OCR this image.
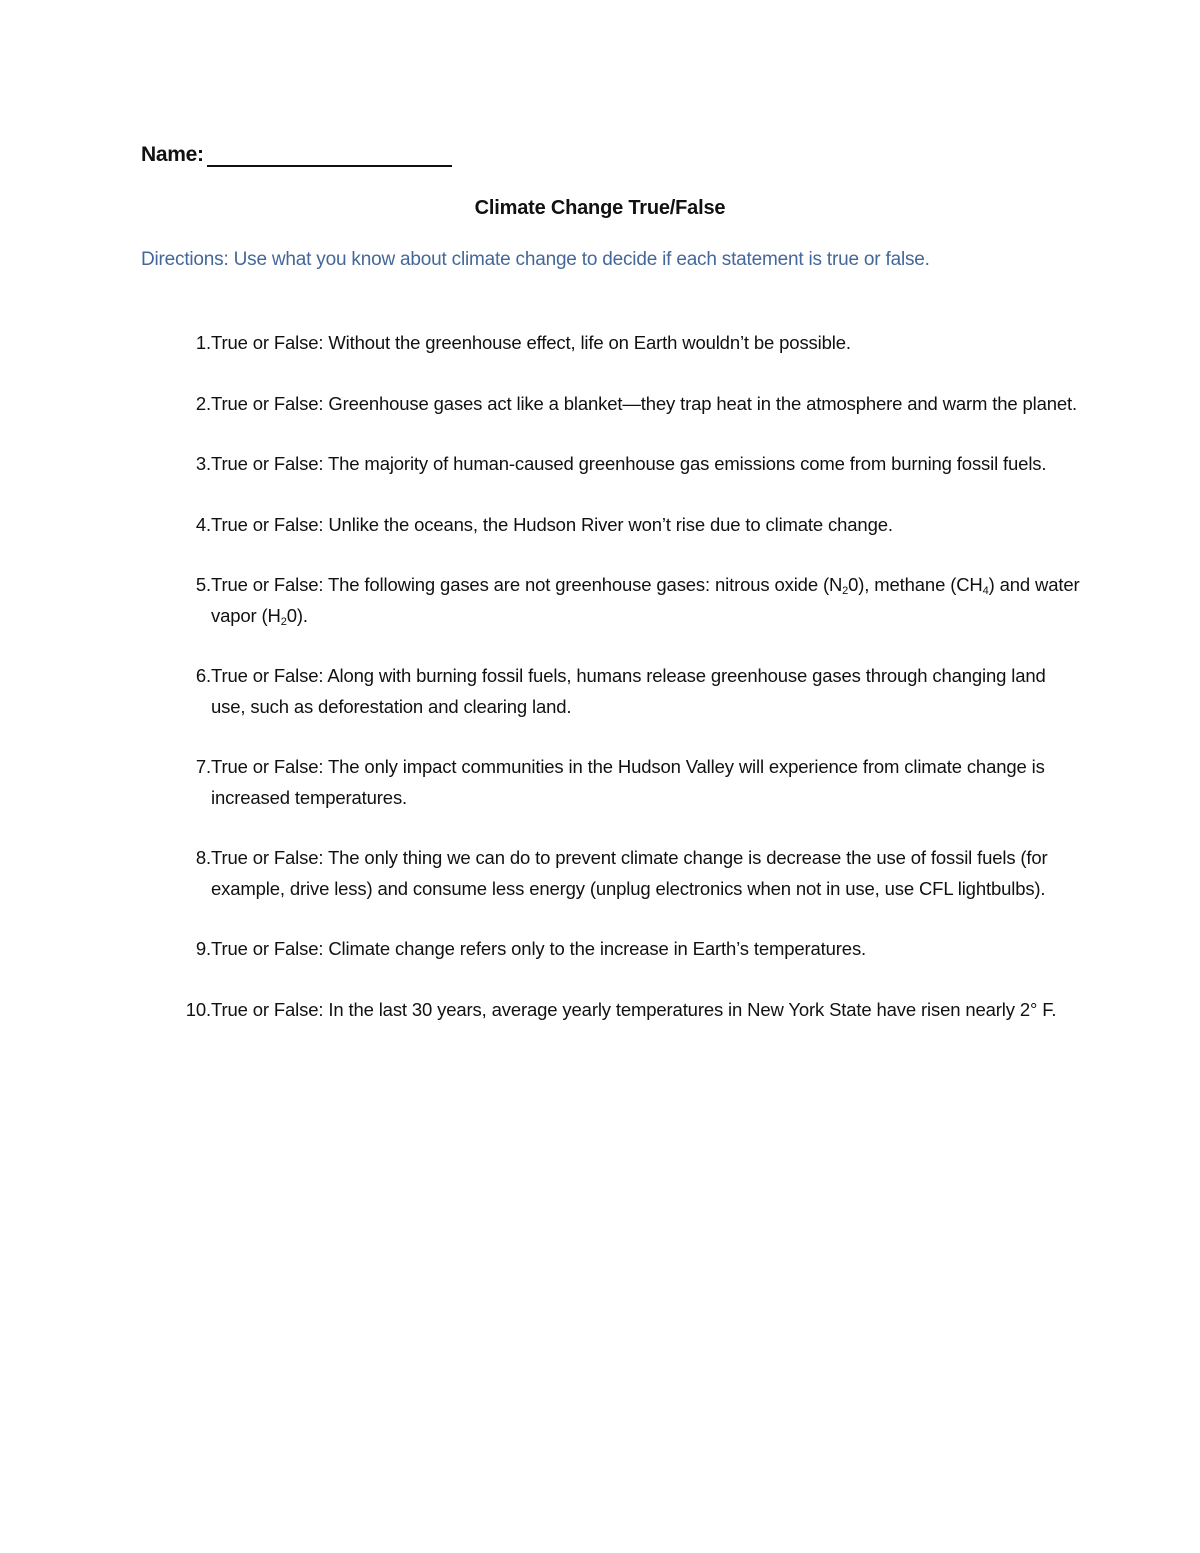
Name:
Climate Change True/False
Directions: Use what you know about climate change to decide if each statement is true or false.
1. True or False: Without the greenhouse effect, life on Earth wouldn’t be possible.
2. True or False: Greenhouse gases act like a blanket—they trap heat in the atmosphere and warm the planet.
3. True or False: The majority of human-caused greenhouse gas emissions come from burning fossil fuels.
4. True or False: Unlike the oceans, the Hudson River won’t rise due to climate change.
5. True or False: The following gases are not greenhouse gases: nitrous oxide $(N_20)$, methane $(CH_4)$ and water vapor $(H_20)$.
6. True or False: Along with burning fossil fuels, humans release greenhouse gases through changing land use, such as deforestation and clearing land.
7. True or False: The only impact communities in the Hudson Valley will experience from climate change is increased temperatures.
8. True or False: The only thing we can do to prevent climate change is decrease the use of fossil fuels (for example, drive less) and consume less energy (unplug electronics when not in use, use CFL lightbulbs).
9. True or False: Climate change refers only to the increase in Earth’s temperatures.
10. True or False: In the last 30 years, average yearly temperatures in New York State have risen nearly 2° F.
